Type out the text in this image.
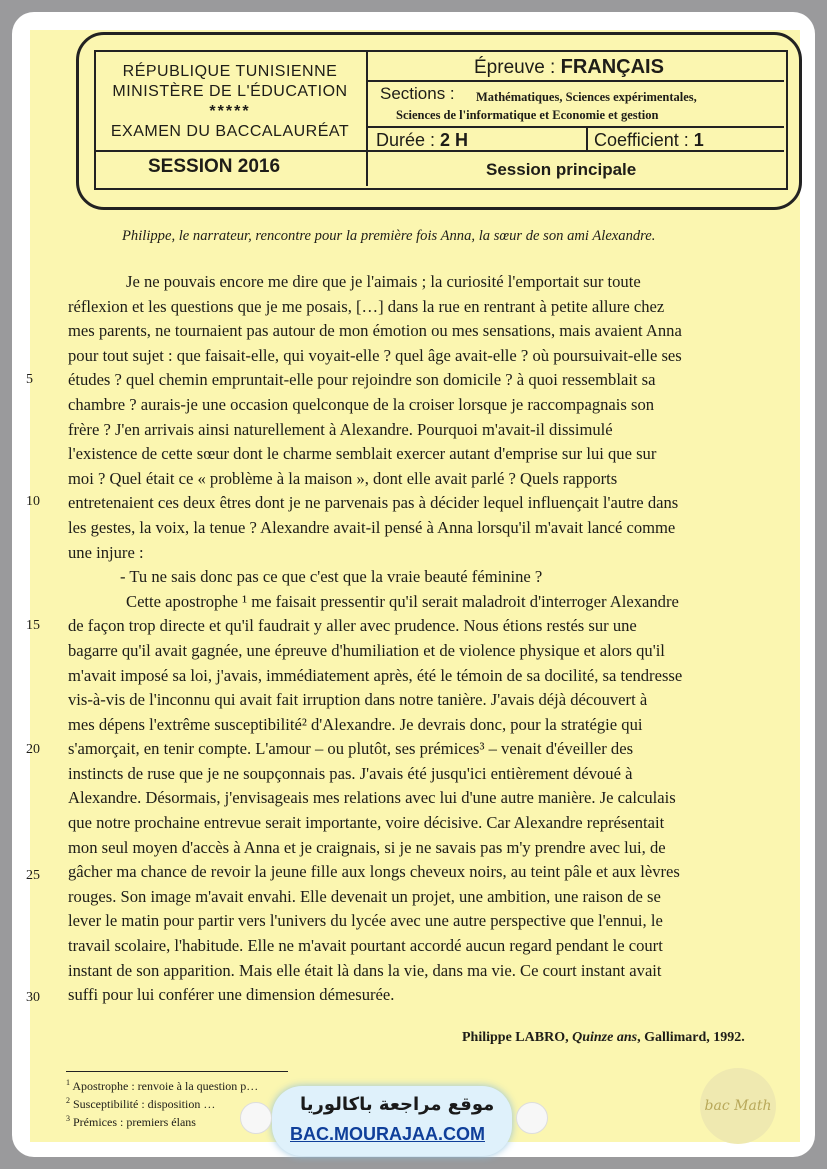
RÉPUBLIQUE TUNISIENNE
MINISTÈRE DE L'ÉDUCATION
*****
EXAMEN DU BACCALAURÉAT
SESSION 2016
Épreuve : FRANÇAIS
Sections : Mathématiques, Sciences expérimentales,
Sciences de l'informatique et Economie et gestion
Durée : 2 H	Coefficient : 1
Session principale
Philippe, le narrateur, rencontre pour la première fois Anna, la sœur de son ami Alexandre.

Je ne pouvais encore me dire que je l'aimais ; la curiosité l'emportait sur toute

réflexion et les questions que je me posais, […] dans la rue en rentrant à petite allure chez

mes parents, ne tournaient pas autour de mon émotion ou mes sensations, mais avaient Anna

pour tout sujet : que faisait-elle, qui voyait-elle ? quel âge avait-elle ? où poursuivait-elle ses

études ? quel chemin empruntait-elle pour rejoindre son domicile ? à quoi ressemblait sa

chambre ? aurais-je une occasion quelconque de la croiser lorsque je raccompagnais son

frère ? J'en arrivais ainsi naturellement à Alexandre. Pourquoi m'avait-il dissimulé

l'existence de cette sœur dont le charme semblait exercer autant d'emprise sur lui que sur

moi ? Quel était ce « problème à la maison », dont elle avait parlé ? Quels rapports

entretenaient ces deux êtres dont je ne parvenais pas à décider lequel influençait l'autre dans

les gestes, la voix, la tenue ? Alexandre avait-il pensé à Anna lorsqu'il m'avait lancé comme

une injure :

- Tu ne sais donc pas ce que c'est que la vraie beauté féminine ?

Cette apostrophe ¹ me faisait pressentir qu'il serait maladroit d'interroger Alexandre

de façon trop directe et qu'il faudrait y aller avec prudence. Nous étions restés sur une

bagarre qu'il avait gagnée, une épreuve d'humiliation et de violence physique et alors qu'il

m'avait imposé sa loi, j'avais, immédiatement après, été le témoin de sa docilité, sa tendresse

vis-à-vis de l'inconnu qui avait fait irruption dans notre tanière. J'avais déjà découvert à

mes dépens l'extrême susceptibilité² d'Alexandre. Je devrais donc, pour la stratégie qui

s'amorçait, en tenir compte. L'amour – ou plutôt, ses prémices³ – venait d'éveiller des

instincts de ruse que je ne soupçonnais pas. J'avais été jusqu'ici entièrement dévoué à

Alexandre. Désormais, j'envisageais mes relations avec lui d'une autre manière. Je calculais

que notre prochaine entrevue serait importante, voire décisive. Car Alexandre représentait

mon seul moyen d'accès à Anna et je craignais, si je ne savais pas m'y prendre avec lui, de

gâcher ma chance de revoir la jeune fille aux longs cheveux noirs, au teint pâle et aux lèvres

rouges. Son image m'avait envahi. Elle devenait un projet, une ambition, une raison de se

lever le matin pour partir vers l'univers du lycée avec une autre perspective que l'ennui, le

travail scolaire, l'habitude. Elle ne m'avait pourtant accordé aucun regard pendant le court

instant de son apparition. Mais elle était là dans la vie, dans ma vie. Ce court instant avait

suffi pour lui conférer une dimension démesurée.

5
10
15
20
25
30
Philippe LABRO, Quinze ans, Gallimard, 1992.
$^1$ Apostrophe : renvoie à la question p…
$^2$ Susceptibilité : disposition …
$^3$ Prémices : premiers élans
موقع مراجعة باكالوريا
BAC.MOURAJAA.COM
bac Math
